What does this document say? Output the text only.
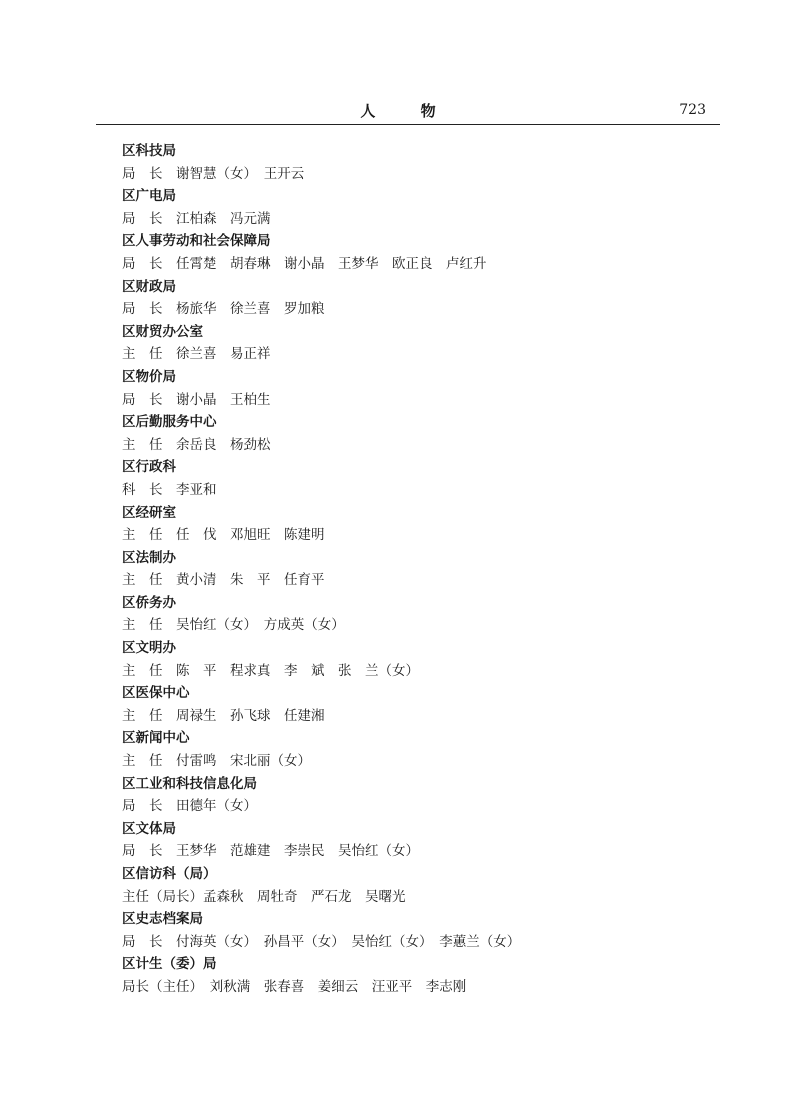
人 物	723
区科技局
局　长　谢智慧（女）　王开云
区广电局
局　长　江柏森　冯元满
区人事劳动和社会保障局
局　长　任霄楚　胡春琳　谢小晶　王梦华　欧正良　卢红升
区财政局
局　长　杨旅华　徐兰喜　罗加粮
区财贸办公室
主　任　徐兰喜　易正祥
区物价局
局　长　谢小晶　王柏生
区后勤服务中心
主　任　余岳良　杨劲松
区行政科
科　长　李亚和
区经研室
主　任　任　伐　邓旭旺　陈建明
区法制办
主　任　黄小清　朱　平　任育平
区侨务办
主　任　吴怡红（女）　方成英（女）
区文明办
主　任　陈　平　程求真　李　斌　张　兰（女）
区医保中心
主　任　周禄生　孙飞球　任建湘
区新闻中心
主　任　付雷鸣　宋北丽（女）
区工业和科技信息化局
局　长　田德年（女）
区文体局
局　长　王梦华　范雄建　李崇民　吴怡红（女）
区信访科（局）
主任（局长）孟森秋　周牡奇　严石龙　吴曙光
区史志档案局
局　长　付海英（女）　孙昌平（女）　吴怡红（女）　李蕙兰（女）
区计生（委）局
局长（主任）　刘秋满　张春喜　姜细云　汪亚平　李志刚
